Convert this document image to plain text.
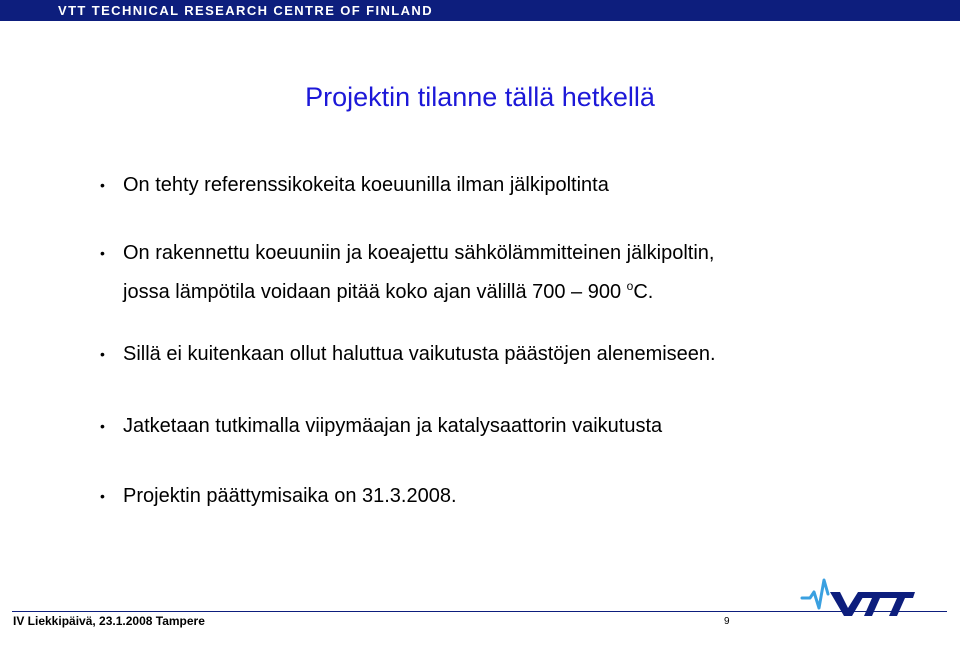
VTT TECHNICAL RESEARCH CENTRE OF FINLAND
Projektin tilanne tällä hetkellä
• On tehty referenssikokeita koeuunilla ilman jälkipoltinta
• On rakennettu koeuuniin ja koeajettu sähkölämmitteinen jälkipoltin,
jossa lämpötila voidaan pitää koko ajan välillä 700 – 900 $^o$C.
• Sillä ei kuitenkaan ollut haluttua vaikutusta päästöjen alenemiseen.
• Jatketaan tutkimalla viipymäajan ja katalysaattorin vaikutusta
• Projektin päättymisaika on 31.3.2008.
IV Liekkipäivä, 23.1.2008 Tampere	9
